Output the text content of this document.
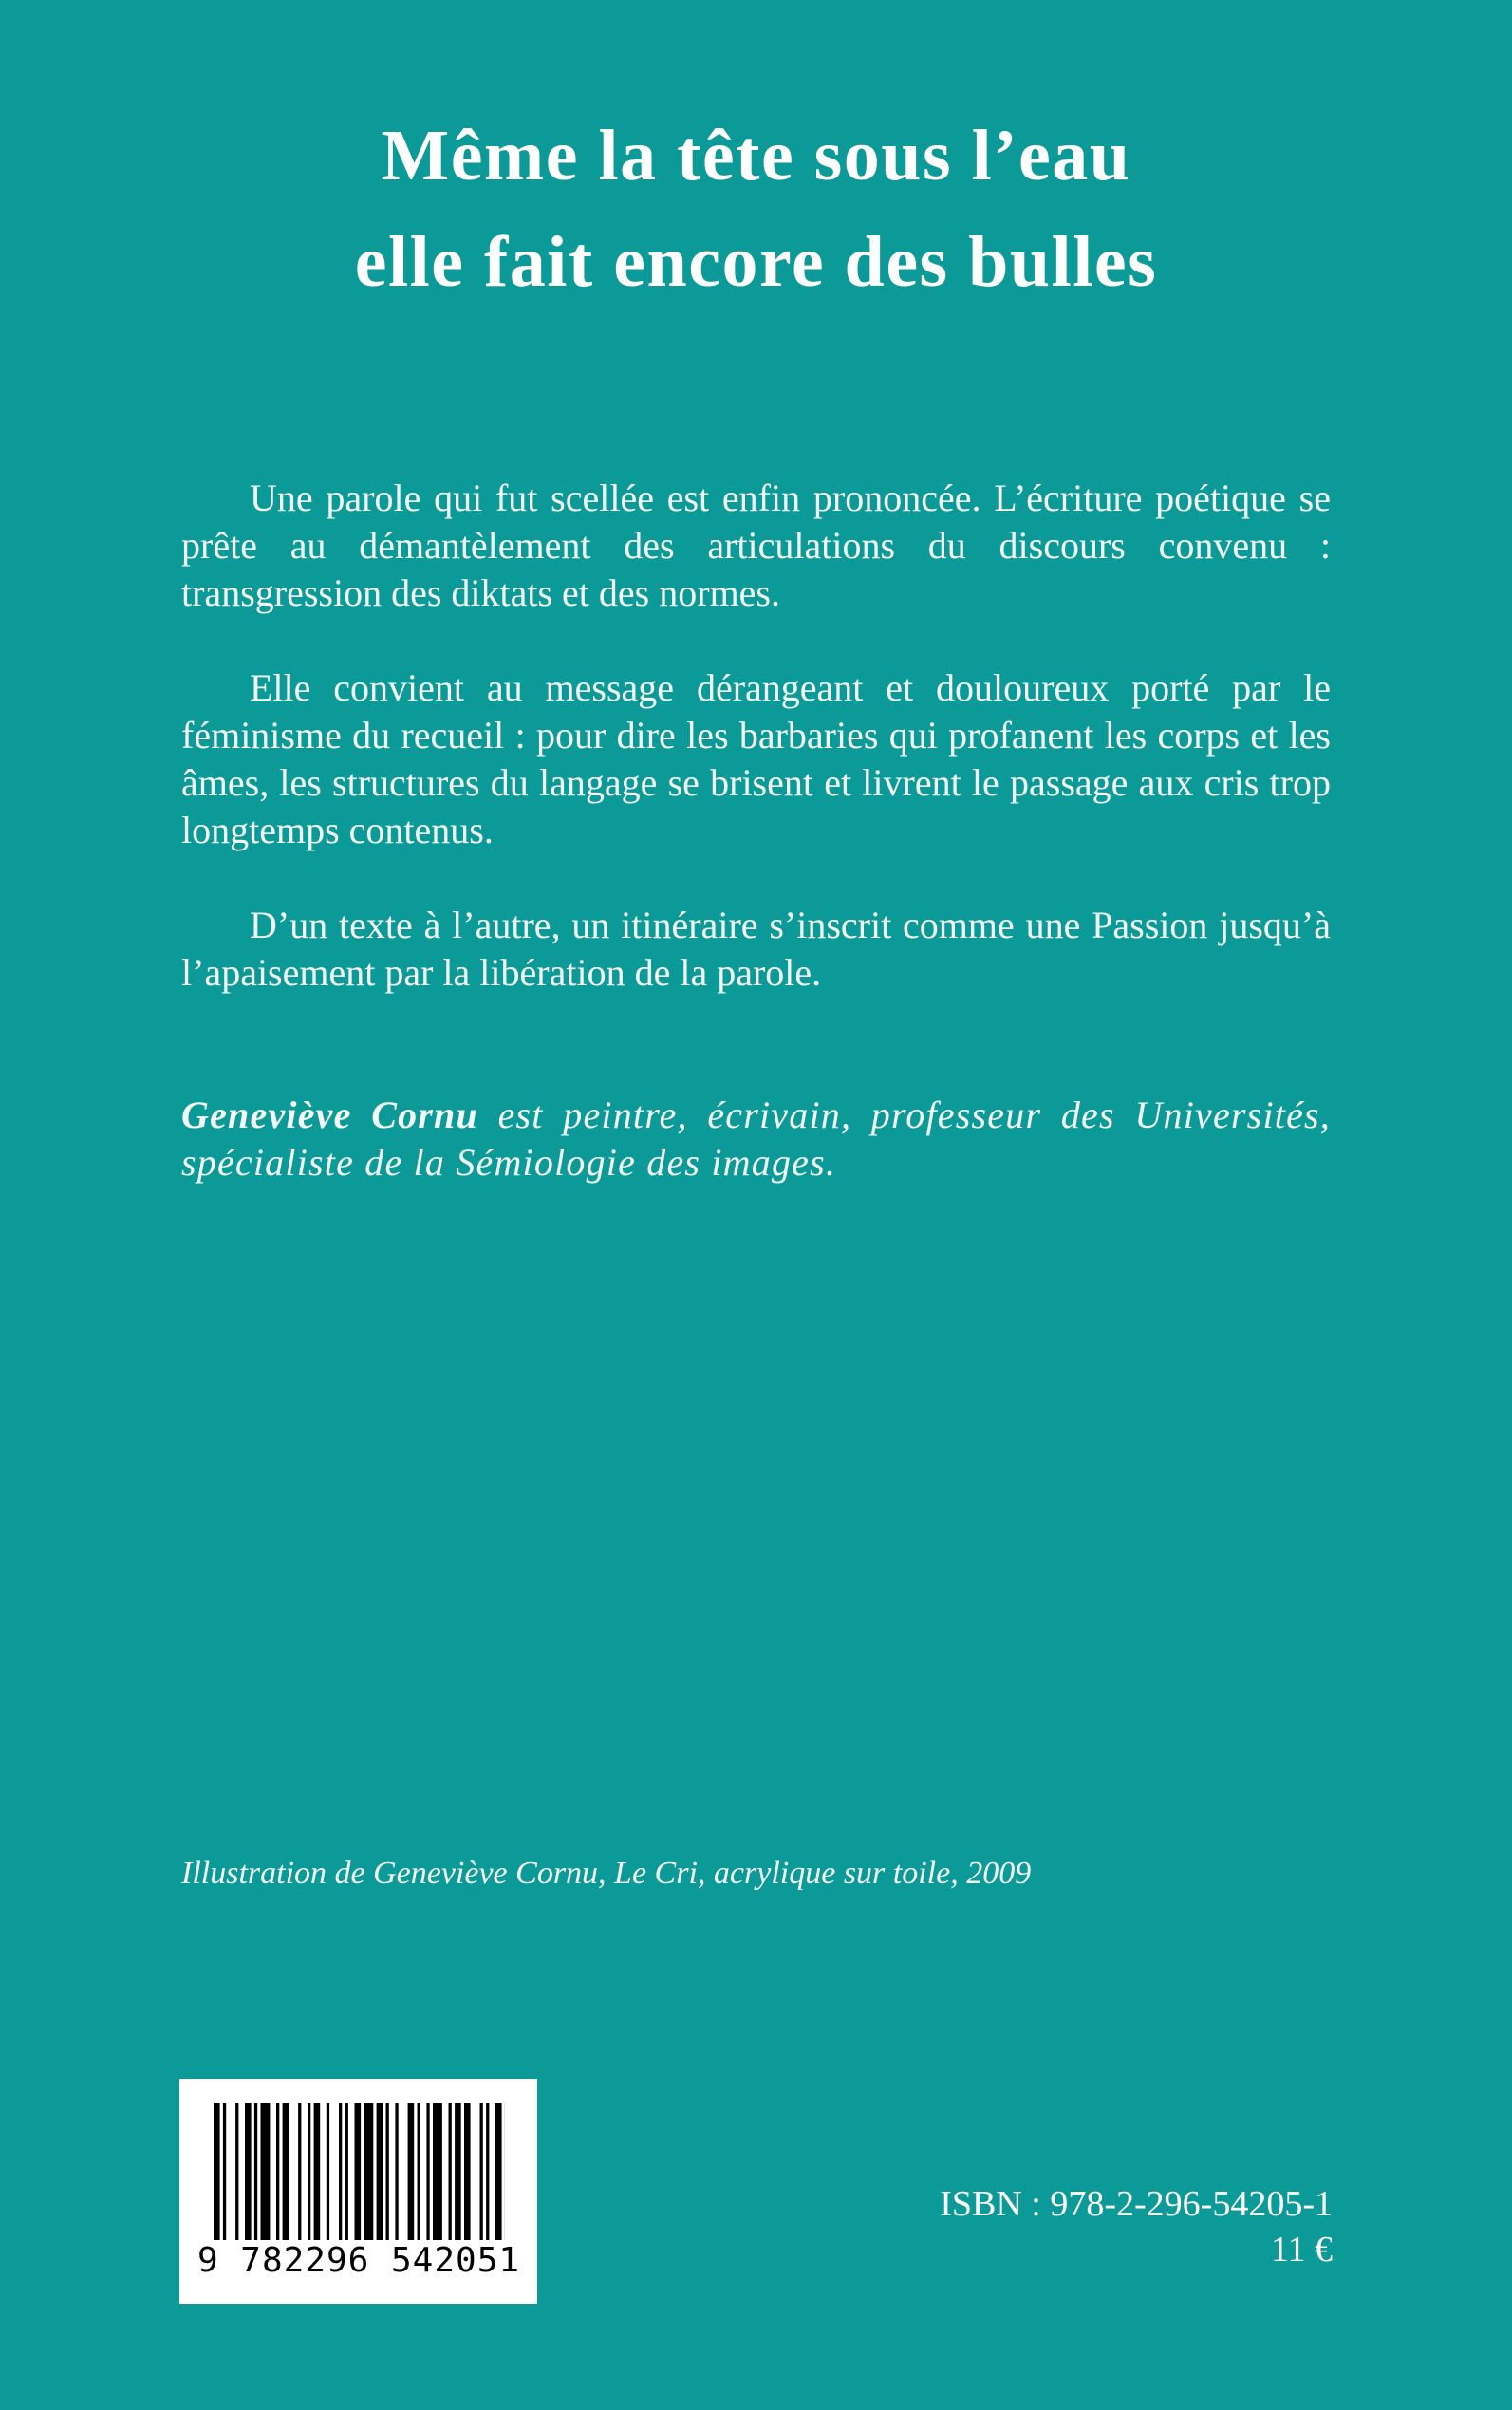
Même la tête sous l’eau
elle fait encore des bulles

Une parole qui fut scellée est enfin prononcée. L’écriture poétique se prête au démantèlement des articulations du discours convenu : transgression des diktats et des normes.

Elle convient au message dérangeant et douloureux porté par le féminisme du recueil : pour dire les barbaries qui profanent les corps et les âmes, les structures du langage se brisent et livrent le passage aux cris trop longtemps contenus.

D’un texte à l’autre, un itinéraire s’inscrit comme une Passion jusqu’à l’apaisement par la libération de la parole.

Geneviève Cornu est peintre, écrivain, professeur des Universités, spécialiste de la Sémiologie des images.
Illustration de Geneviève Cornu, Le Cri, acrylique sur toile, 2009
9 782296 542051
ISBN : 978-2-296-54205-1
11 €
